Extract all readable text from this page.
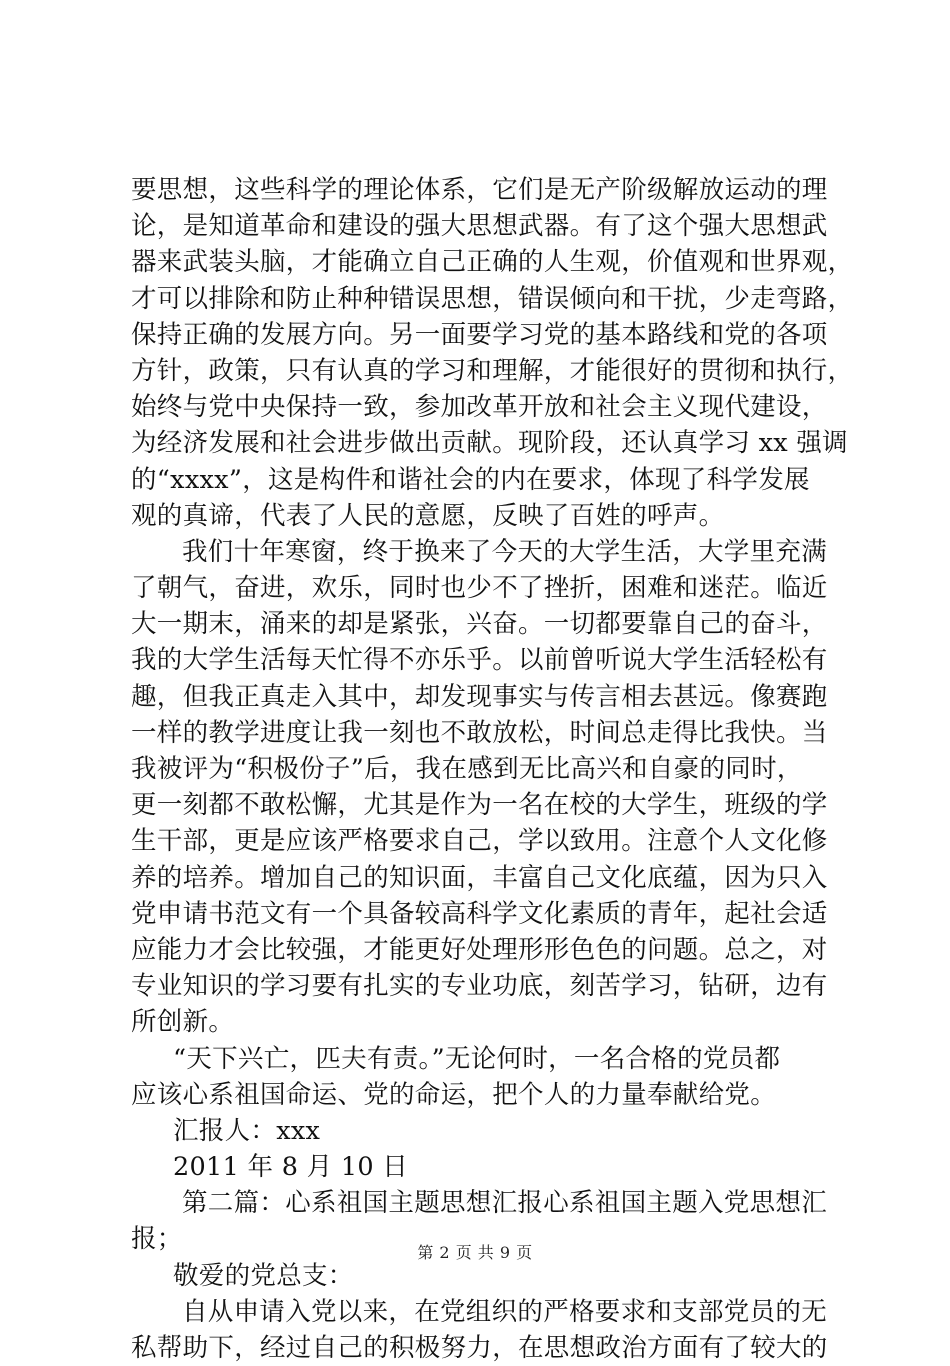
要思想，这些科学的理论体系，它们是无产阶级解放运动的理
论，是知道革命和建设的强大思想武器。有了这个强大思想武
器来武装头脑，才能确立自己正确的人生观，价值观和世界观，
才可以排除和防止种种错误思想，错误倾向和干扰，少走弯路，
保持正确的发展方向。另一面要学习党的基本路线和党的各项
方针，政策，只有认真的学习和理解，才能很好的贯彻和执行，
始终与党中央保持一致，参加改革开放和社会主义现代建设，
为经济发展和社会进步做出贡献。现阶段，还认真学习 xx 强调
的“xxxx”，这是构件和谐社会的内在要求，体现了科学发展
观的真谛，代表了人民的意愿，反映了百姓的呼声。
我们十年寒窗，终于换来了今天的大学生活，大学里充满
了朝气，奋进，欢乐，同时也少不了挫折，困难和迷茫。临近
大一期末，涌来的却是紧张，兴奋。一切都要靠自己的奋斗，
我的大学生活每天忙得不亦乐乎。以前曾听说大学生活轻松有
趣，但我正真走入其中，却发现事实与传言相去甚远。像赛跑
一样的教学进度让我一刻也不敢放松，时间总走得比我快。当
我被评为“积极份子”后，我在感到无比高兴和自豪的同时，
更一刻都不敢松懈，尤其是作为一名在校的大学生，班级的学
生干部，更是应该严格要求自己，学以致用。注意个人文化修
养的培养。增加自己的知识面，丰富自己文化底蕴，因为只入
党申请书范文有一个具备较高科学文化素质的青年，起社会适
应能力才会比较强，才能更好处理形形色色的问题。总之，对
专业知识的学习要有扎实的专业功底，刻苦学习，钻研，边有
所创新。
“天下兴亡，匹夫有责。”无论何时，一名合格的党员都
应该心系祖国命运、党的命运，把个人的力量奉献给党。
汇报人：xxx
2011 年 8 月 10 日
第二篇：心系祖国主题思想汇报心系祖国主题入党思想汇
报；
敬爱的党总支：
自从申请入党以来，在党组织的严格要求和支部党员的无
私帮助下，经过自己的积极努力，在思想政治方面有了较大的
第 2 页 共 9 页
